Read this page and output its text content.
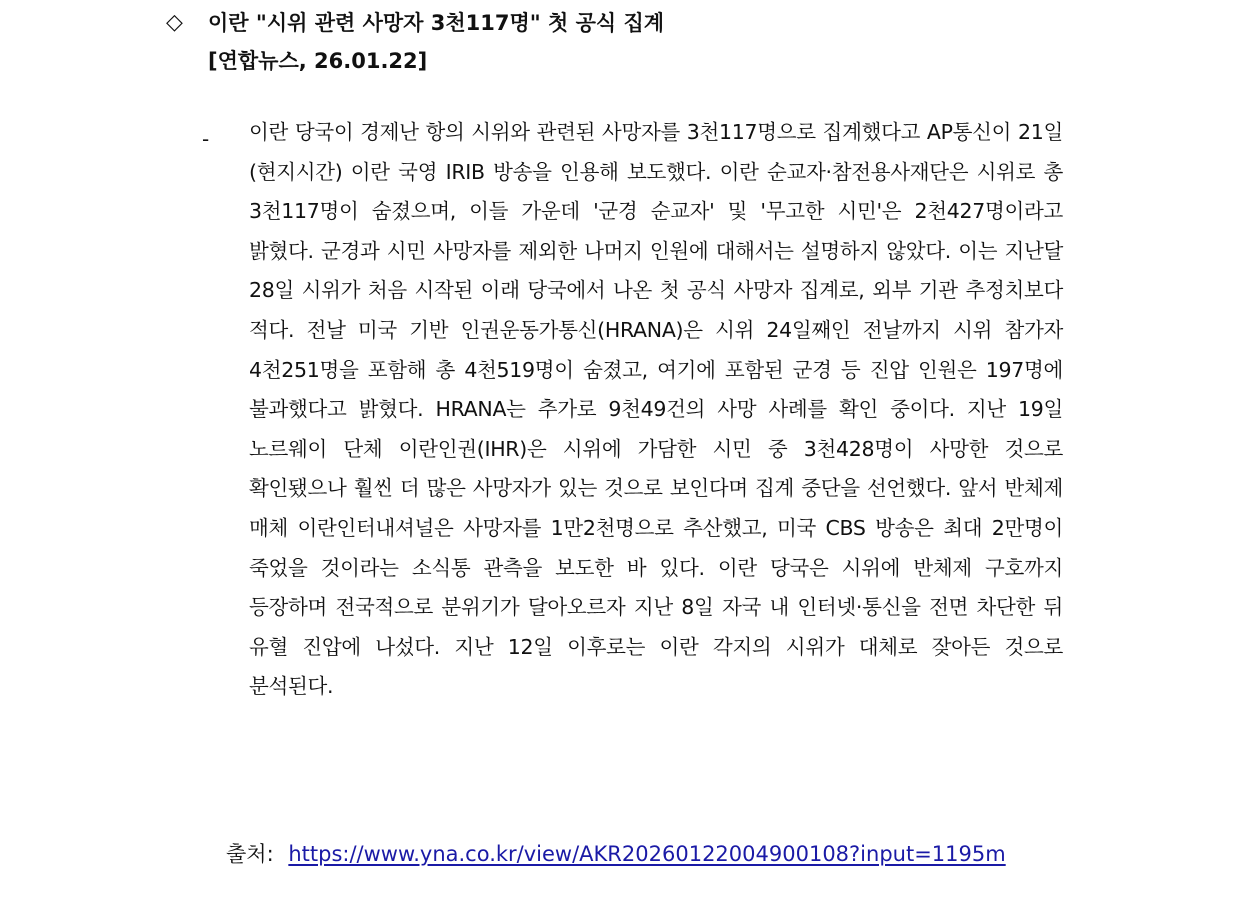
◇	이란 "시위 관련 사망자 3천117명" 첫 공식 집계
[연합뉴스, 26.01.22]
- 이란 당국이 경제난 항의 시위와 관련된 사망자를 3천117명으로 집계했다고 AP통신이 21일(현지시간) 이란 국영 IRIB 방송을 인용해 보도했다. 이란 순교자·참전용사재단은 시위로 총 3천117명이 숨졌으며, 이들 가운데 '군경 순교자' 및 '무고한 시민'은 2천427명이라고 밝혔다. 군경과 시민 사망자를 제외한 나머지 인원에 대해서는 설명하지 않았다. 이는 지난달 28일 시위가 처음 시작된 이래 당국에서 나온 첫 공식 사망자 집계로, 외부 기관 추정치보다 적다. 전날 미국 기반 인권운동가통신(HRANA)은 시위 24일째인 전날까지 시위 참가자 4천251명을 포함해 총 4천519명이 숨졌고, 여기에 포함된 군경 등 진압 인원은 197명에 불과했다고 밝혔다. HRANA는 추가로 9천49건의 사망 사례를 확인 중이다. 지난 19일 노르웨이 단체 이란인권(IHR)은 시위에 가담한 시민 중 3천428명이 사망한 것으로 확인됐으나 훨씬 더 많은 사망자가 있는 것으로 보인다며 집계 중단을 선언했다. 앞서 반체제 매체 이란인터내셔널은 사망자를 1만2천명으로 추산했고, 미국 CBS 방송은 최대 2만명이 죽었을 것이라는 소식통 관측을 보도한 바 있다. 이란 당국은 시위에 반체제 구호까지 등장하며 전국적으로 분위기가 달아오르자 지난 8일 자국 내 인터넷·통신을 전면 차단한 뒤 유혈 진압에 나섰다. 지난 12일 이후로는 이란 각지의 시위가 대체로 잦아든 것으로 분석된다.
출처: https://www.yna.co.kr/view/AKR20260122004900108?input=1195m
